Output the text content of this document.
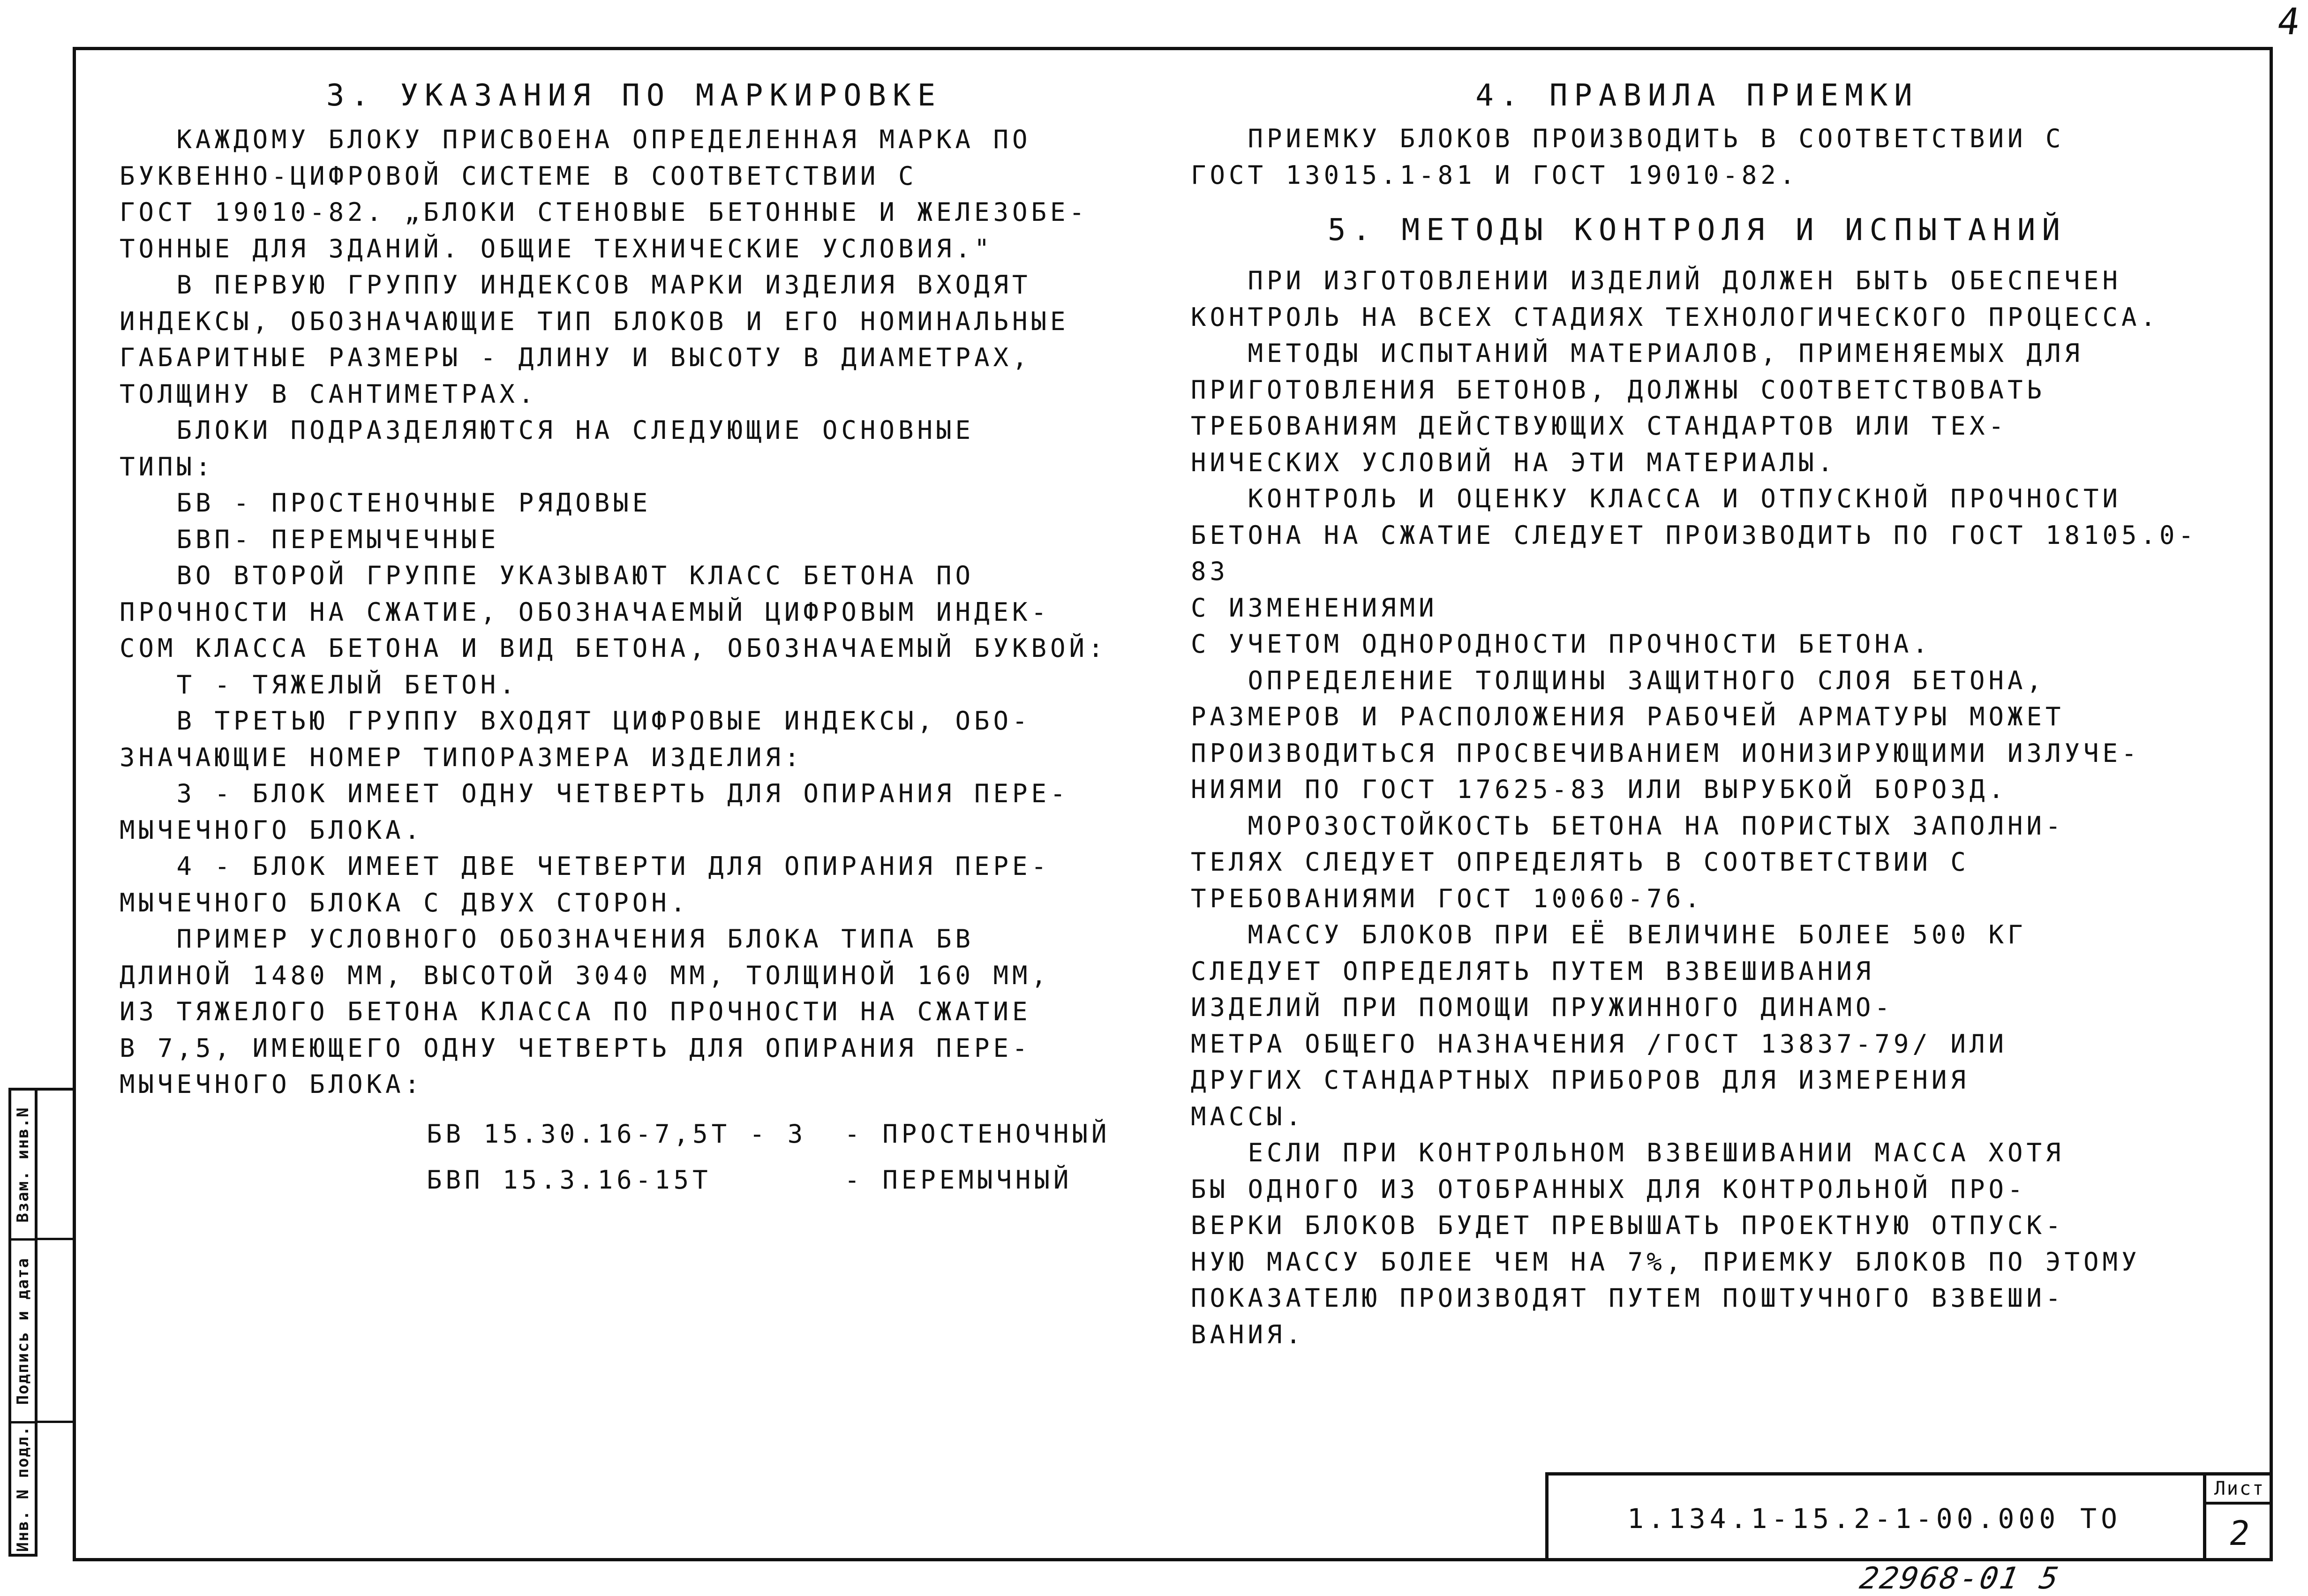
4
3. УКАЗАНИЯ ПО МАРКИРОВКЕ

КАЖДОМУ БЛОКУ ПРИСВОЕНА ОПРЕДЕЛЕННАЯ МАРКА ПО
БУКВЕННО-ЦИФРОВОЙ СИСТЕМЕ В СООТВЕТСТВИИ С
ГОСТ 19010-82. „БЛОКИ СТЕНОВЫЕ БЕТОННЫЕ И ЖЕЛЕЗОБЕ-
ТОННЫЕ ДЛЯ ЗДАНИЙ. ОБЩИЕ ТЕХНИЧЕСКИЕ УСЛОВИЯ."

В ПЕРВУЮ ГРУППУ ИНДЕКСОВ МАРКИ ИЗДЕЛИЯ ВХОДЯТ
ИНДЕКСЫ, ОБОЗНАЧАЮЩИЕ ТИП БЛОКОВ И ЕГО НОМИНАЛЬНЫЕ
ГАБАРИТНЫЕ РАЗМЕРЫ - ДЛИНУ И ВЫСОТУ В ДИАМЕТРАХ,
ТОЛЩИНУ В САНТИМЕТРАХ.

БЛОКИ ПОДРАЗДЕЛЯЮТСЯ НА СЛЕДУЮЩИЕ ОСНОВНЫЕ
ТИПЫ:

БВ - ПРОСТЕНОЧНЫЕ РЯДОВЫЕ

БВП- ПЕРЕМЫЧЕЧНЫЕ

ВО ВТОРОЙ ГРУППЕ УКАЗЫВАЮТ КЛАСС БЕТОНА ПО
ПРОЧНОСТИ НА СЖАТИЕ, ОБОЗНАЧАЕМЫЙ ЦИФРОВЫМ ИНДЕК-
СОМ КЛАССА БЕТОНА И ВИД БЕТОНА, ОБОЗНАЧАЕМЫЙ БУКВОЙ:

Т - ТЯЖЕЛЫЙ БЕТОН.

В ТРЕТЬЮ ГРУППУ ВХОДЯТ ЦИФРОВЫЕ ИНДЕКСЫ, ОБО-
ЗНАЧАЮЩИЕ НОМЕР ТИПОРАЗМЕРА ИЗДЕЛИЯ:

3 - БЛОК ИМЕЕТ ОДНУ ЧЕТВЕРТЬ ДЛЯ ОПИРАНИЯ ПЕРЕ-
МЫЧЕЧНОГО БЛОКА.

4 - БЛОК ИМЕЕТ ДВЕ ЧЕТВЕРТИ ДЛЯ ОПИРАНИЯ ПЕРЕ-
МЫЧЕЧНОГО БЛОКА С ДВУХ СТОРОН.

ПРИМЕР УСЛОВНОГО ОБОЗНАЧЕНИЯ БЛОКА ТИПА БВ
ДЛИНОЙ 1480 ММ, ВЫСОТОЙ 3040 ММ, ТОЛЩИНОЙ 160 ММ,
ИЗ ТЯЖЕЛОГО БЕТОНА КЛАССА ПО ПРОЧНОСТИ НА СЖАТИЕ
В 7,5, ИМЕЮЩЕГО ОДНУ ЧЕТВЕРТЬ ДЛЯ ОПИРАНИЯ ПЕРЕ-
МЫЧЕЧНОГО БЛОКА:

БВ 15.30.16-7,5Т - 3  - ПРОСТЕНОЧНЫЙ

БВП 15.3.16-15Т       - ПЕРЕМЫЧНЫЙ

4. ПРАВИЛА ПРИЕМКИ

ПРИЕМКУ БЛОКОВ ПРОИЗВОДИТЬ В СООТВЕТСТВИИ С
ГОСТ 13015.1-81 И ГОСТ 19010-82.

5. МЕТОДЫ КОНТРОЛЯ И ИСПЫТАНИЙ

ПРИ ИЗГОТОВЛЕНИИ ИЗДЕЛИЙ ДОЛЖЕН БЫТЬ ОБЕСПЕЧЕН
КОНТРОЛЬ НА ВСЕХ СТАДИЯХ ТЕХНОЛОГИЧЕСКОГО ПРОЦЕССА.

МЕТОДЫ ИСПЫТАНИЙ МАТЕРИАЛОВ, ПРИМЕНЯЕМЫХ ДЛЯ
ПРИГОТОВЛЕНИЯ БЕТОНОВ, ДОЛЖНЫ СООТВЕТСТВОВАТЬ
ТРЕБОВАНИЯМ ДЕЙСТВУЮЩИХ СТАНДАРТОВ ИЛИ ТЕХ-
НИЧЕСКИХ УСЛОВИЙ НА ЭТИ МАТЕРИАЛЫ.

КОНТРОЛЬ И ОЦЕНКУ КЛАССА И ОТПУСКНОЙ ПРОЧНОСТИ
БЕТОНА НА СЖАТИЕ СЛЕДУЕТ ПРОИЗВОДИТЬ ПО ГОСТ 18105.0-83
С ИЗМЕНЕНИЯМИ
С УЧЕТОМ ОДНОРОДНОСТИ ПРОЧНОСТИ БЕТОНА.

ОПРЕДЕЛЕНИЕ ТОЛЩИНЫ ЗАЩИТНОГО СЛОЯ БЕТОНА,
РАЗМЕРОВ И РАСПОЛОЖЕНИЯ РАБОЧЕЙ АРМАТУРЫ МОЖЕТ
ПРОИЗВОДИТЬСЯ ПРОСВЕЧИВАНИЕМ ИОНИЗИРУЮЩИМИ ИЗЛУЧЕ-
НИЯМИ ПО ГОСТ 17625-83 ИЛИ ВЫРУБКОЙ БОРОЗД.

МОРОЗОСТОЙКОСТЬ БЕТОНА НА ПОРИСТЫХ ЗАПОЛНИ-
ТЕЛЯХ СЛЕДУЕТ ОПРЕДЕЛЯТЬ В СООТВЕТСТВИИ С
ТРЕБОВАНИЯМИ ГОСТ 10060-76.

МАССУ БЛОКОВ ПРИ ЕЁ ВЕЛИЧИНЕ БОЛЕЕ 500 КГ
СЛЕДУЕТ ОПРЕДЕЛЯТЬ ПУТЕМ ВЗВЕШИВАНИЯ
ИЗДЕЛИЙ ПРИ ПОМОЩИ ПРУЖИННОГО ДИНАМО-
МЕТРА ОБЩЕГО НАЗНАЧЕНИЯ /ГОСТ 13837-79/ ИЛИ
ДРУГИХ СТАНДАРТНЫХ ПРИБОРОВ ДЛЯ ИЗМЕРЕНИЯ
МАССЫ.

ЕСЛИ ПРИ КОНТРОЛЬНОМ ВЗВЕШИВАНИИ МАССА ХОТЯ
БЫ ОДНОГО ИЗ ОТОБРАННЫХ ДЛЯ КОНТРОЛЬНОЙ ПРО-
ВЕРКИ БЛОКОВ БУДЕТ ПРЕВЫШАТЬ ПРОЕКТНУЮ ОТПУСК-
НУЮ МАССУ БОЛЕЕ ЧЕМ НА 7%, ПРИЕМКУ БЛОКОВ ПО ЭТОМУ
ПОКАЗАТЕЛЮ ПРОИЗВОДЯТ ПУТЕМ ПОШТУЧНОГО ВЗВЕШИ-
ВАНИЯ.

Взам. инв.N
Подпись и дата
Инв. N подл.	1.134.1-15.2-1-00.000 ТО
Лист
2
22968-01 5
